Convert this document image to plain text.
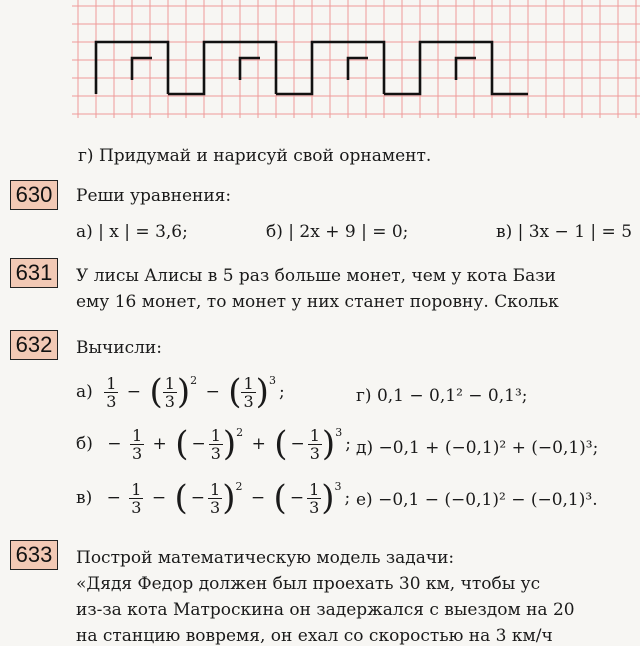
г) Придумай и нарисуй свой орнамент.
630	Реши уравнения:
а) | x | = 3,6;	б) | 2x + 9 | = 0;	в) | 3x − 1 | = 5
631	У лисы Алисы в 5 раз больше монет, чем у кота Бази
ему 16 монет, то монет у них станет поровну. Скольк
632	Вычисли:
$а) \frac{1}{3}$ − ( $\frac{1}{3} )2$ − ( $\frac{1}{3} )3$;
$б) - \frac{1}{3}$ + ( − $\frac{1}{3} )2$ + ( − $\frac{1}{3} )3$;
$в) - \frac{1}{3}$ − ( − $\frac{1}{3} )2$ − ( − $\frac{1}{3} )3$;
г) 0,1 − 0,1² − 0,1³;
д) −0,1 + (−0,1)² + (−0,1)³;
е) −0,1 − (−0,1)² − (−0,1)³.
633	Построй математическую модель задачи:
«Дядя Федор должен был проехать 30 км, чтобы ус
из-за кота Матроскина он задержался с выездом на 20
на станцию вовремя, он ехал со скоростью на 3 км/ч
